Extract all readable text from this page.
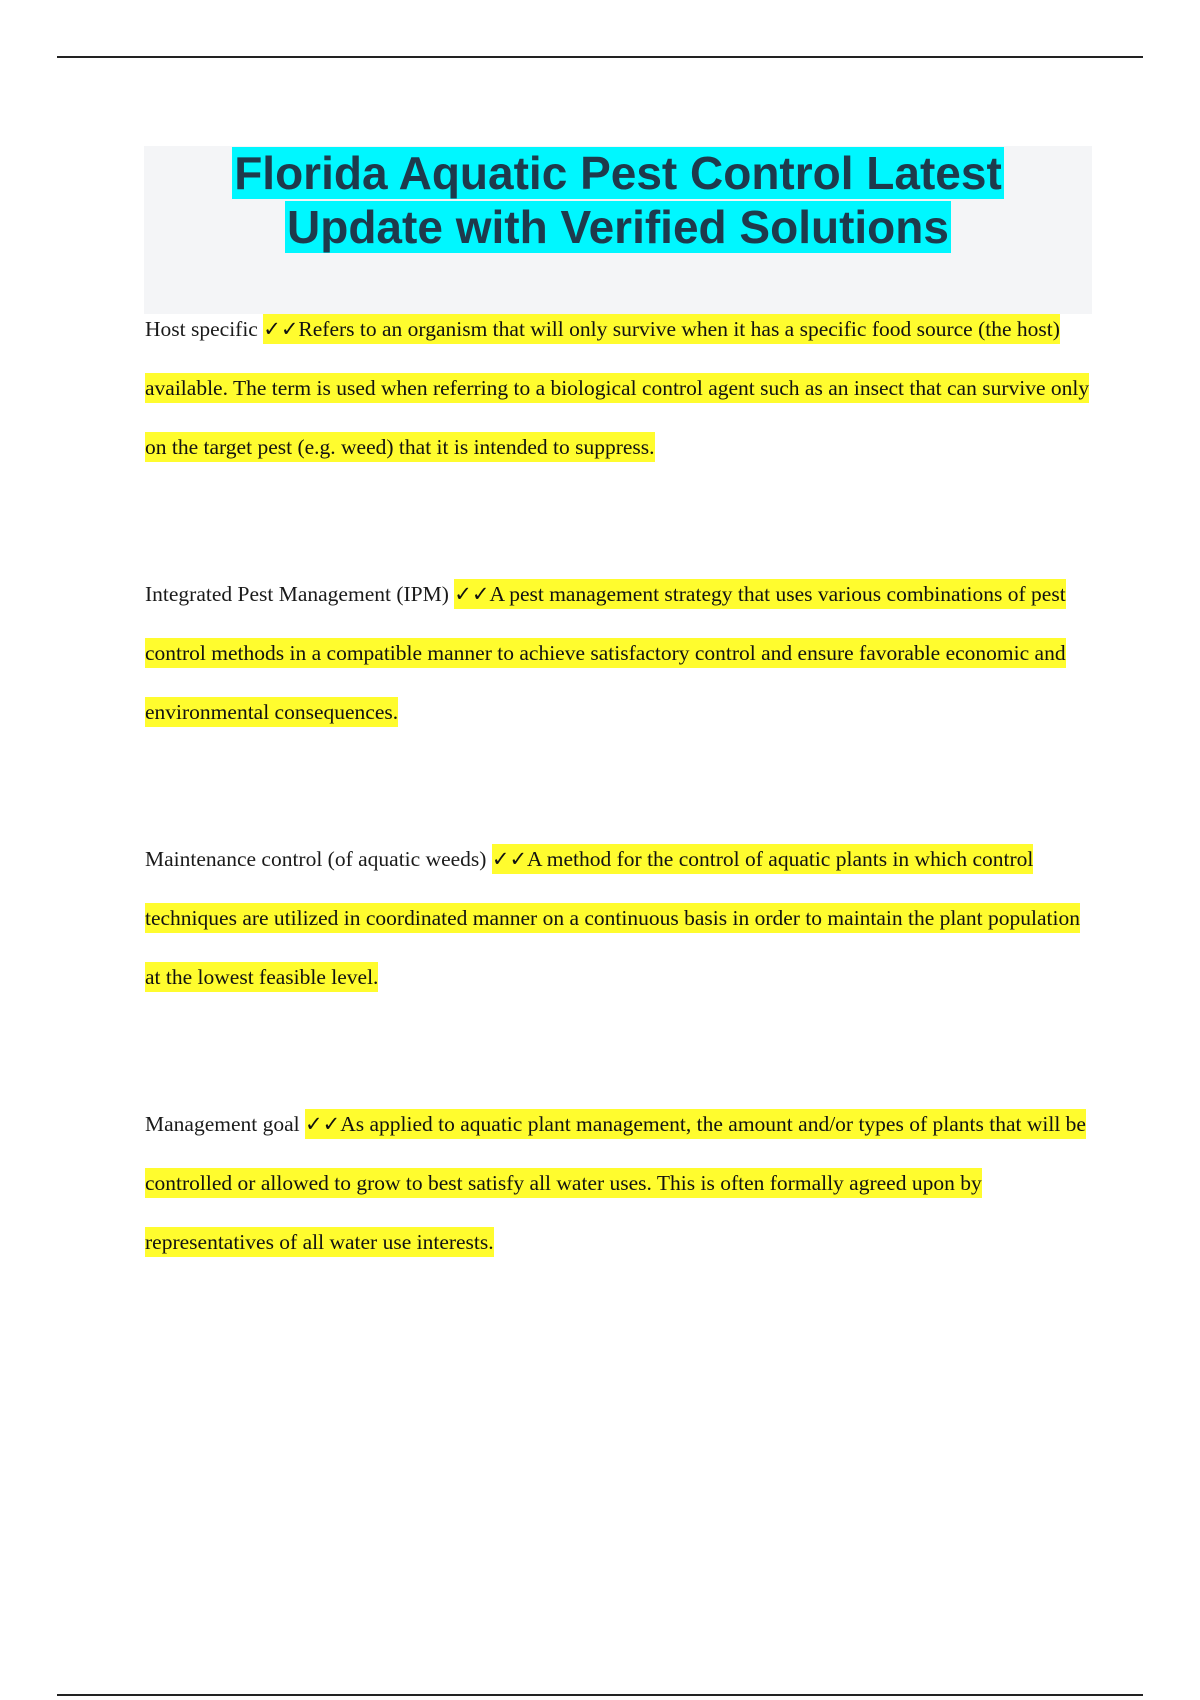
Florida Aquatic Pest Control Latest
Update with Verified Solutions
Host specific ✓✓Refers to an organism that will only survive when it has a specific food source (the host) available. The term is used when referring to a biological control agent such as an insect that can survive only on the target pest (e.g. weed) that it is intended to suppress.
Integrated Pest Management (IPM) ✓✓A pest management strategy that uses various combinations of pest control methods in a compatible manner to achieve satisfactory control and ensure favorable economic and environmental consequences.
Maintenance control (of aquatic weeds) ✓✓A method for the control of aquatic plants in which control techniques are utilized in coordinated manner on a continuous basis in order to maintain the plant population at the lowest feasible level.
Management goal ✓✓As applied to aquatic plant management, the amount and/or types of plants that will be controlled or allowed to grow to best satisfy all water uses. This is often formally agreed upon by representatives of all water use interests.
